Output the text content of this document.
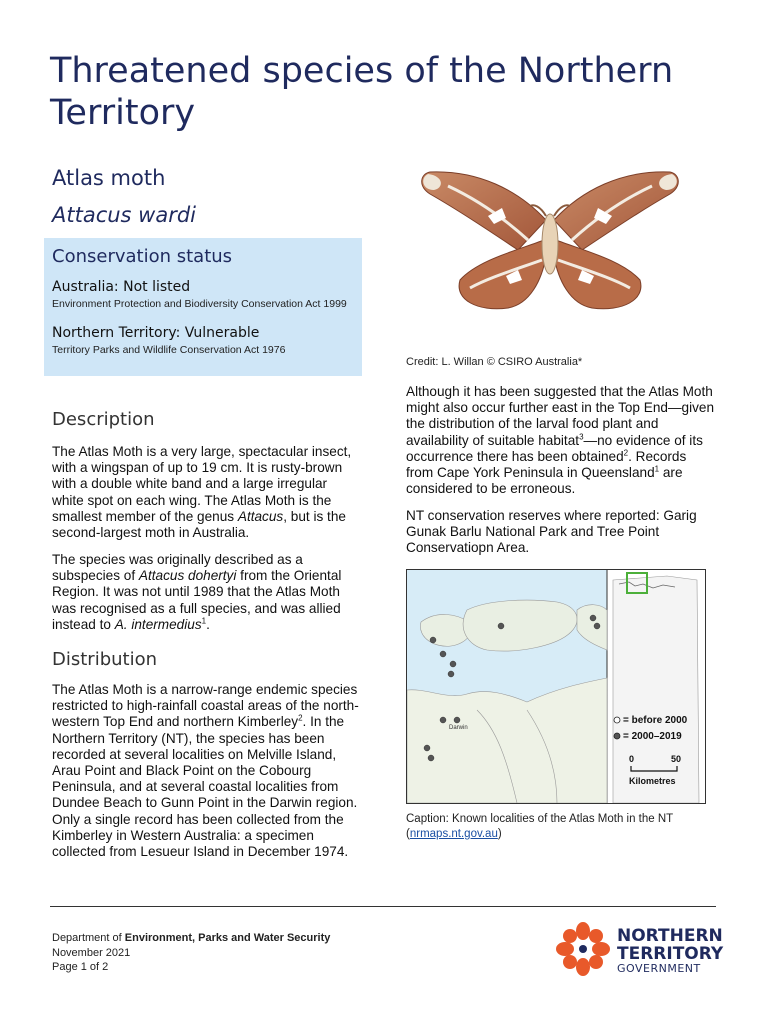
Threatened species of the Northern Territory
Atlas moth
Attacus wardi
Conservation status
Australia: Not listed
Environment Protection and Biodiversity Conservation Act 1999
Northern Territory: Vulnerable
Territory Parks and Wildlife Conservation Act 1976
Description

The Atlas Moth is a very large, spectacular insect, with a wingspan of up to 19 cm. It is rusty-brown with a double white band and a large irregular white spot on each wing. The Atlas Moth is the smallest member of the genus Attacus, but is the second-largest moth in Australia.

The species was originally described as a subspecies of Attacus dohertyi from the Oriental Region. It was not until 1989 that the Atlas Moth was recognised as a full species, and was allied instead to A. intermedius$^1$.

Distribution

The Atlas Moth is a narrow-range endemic species restricted to high-rainfall coastal areas of the north-western Top End and northern Kimberley$^2$. In the Northern Territory (NT), the species has been recorded at several localities on Melville Island, Arau Point and Black Point on the Cobourg Peninsula, and at several coastal localities from Dundee Beach to Gunn Point in the Darwin region. Only a single record has been collected from the Kimberley in Western Australia: a specimen collected from Lesueur Island in December 1974.

Credit: L. Willan © CSIRO Australia*

Although it has been suggested that the Atlas Moth might also occur further east in the Top End—given the distribution of the larval food plant and availability of suitable habitat$^3$—no evidence of its occurrence there has been obtained$^2$. Records from Cape York Peninsula in Queensland$^1$ are considered to be erroneous.

NT conservation reserves where reported: Garig Gunak Barlu National Park and Tree Point Conservatiopn Area.

Darwin
= before 2000
= 2000–2019
0	50
Kilometres
Caption: Known localities of the Atlas Moth in the NT (nrmaps.nt.gov.au)
Department of Environment, Parks and Water Security
November 2021
Page 1 of 2
NORTHERN
TERRITORY
GOVERNMENT
